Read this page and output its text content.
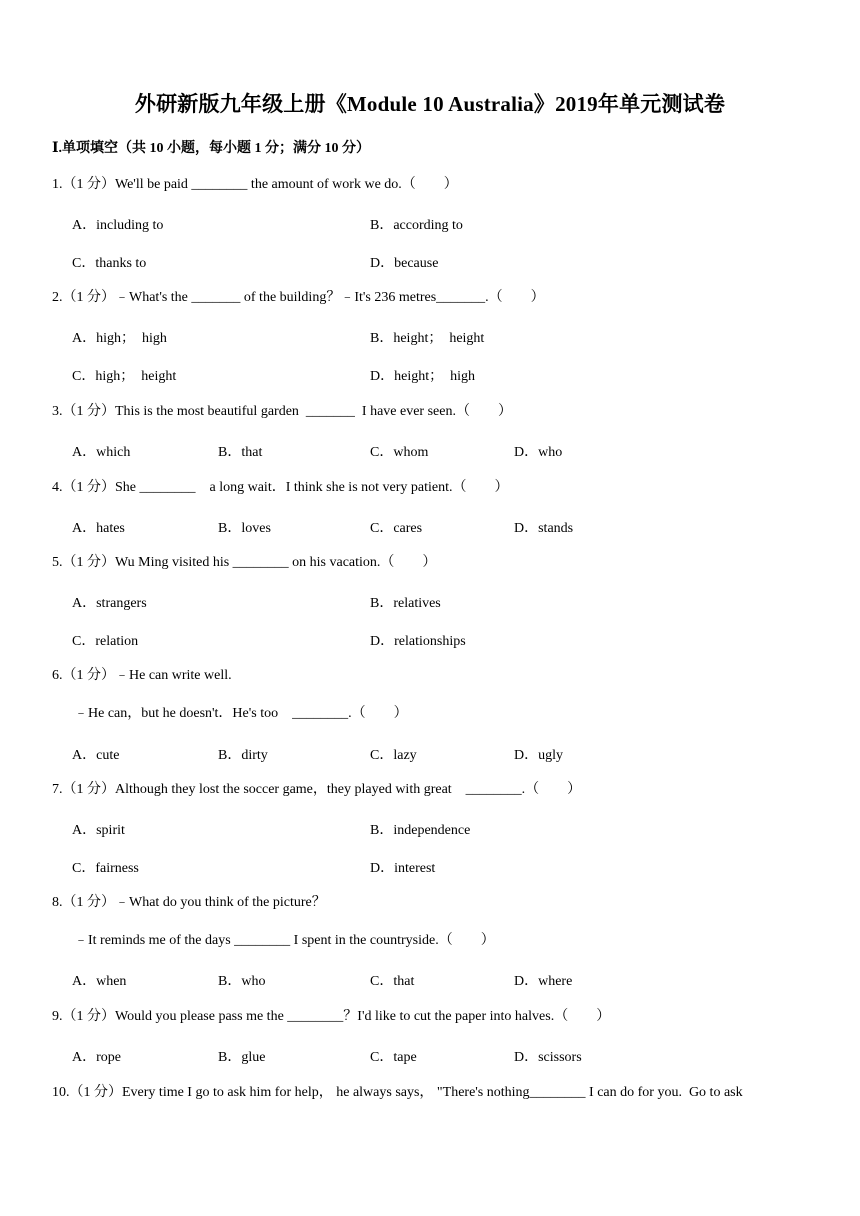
外研新版九年级上册《Module 10 Australia》2019年单元测试卷
Ⅰ.单项填空（共 10 小题，每小题 1 分；满分 10 分）
1.（1 分）We'll be paid ________ the amount of work we do.（　　）
A．including to	B．according to
C．thanks to	D．because
2.（1 分）﹣What's the _______ of the building？﹣It's 236 metres_______.（　　）
A．high；  high	B．height；  height
C．high；  height	D．height；  high
3.（1 分）This is the most beautiful garden  _______  I have ever seen.（　　）
A．which	B．that	C．whom	D．who
4.（1 分）She ________    a long wait．I think she is not very patient.（　　）
A．hates	B．loves	C．cares	D．stands
5.（1 分）Wu Ming visited his ________ on his vacation.（　　）
A．strangers	B．relatives
C．relation	D．relationships
6.（1 分）﹣He can write well.
﹣He can，but he doesn't．He's too    ________.（　　）
A．cute	B．dirty	C．lazy	D．ugly
7.（1 分）Although they lost the soccer game，they played with great    ________.（　　）
A．spirit	B．independence
C．fairness	D．interest
8.（1 分）﹣What do you think of the picture？
﹣It reminds me of the days ________ I spent in the countryside.（　　）
A．when	B．who	C．that	D．where
9.（1 分）Would you please pass me the ________？I'd like to cut the paper into halves.（　　）
A．rope	B．glue	C．tape	D．scissors
10.（1 分）Every time I go to ask him for help， he always says， "There's nothing________ I can do for you.  Go to ask
